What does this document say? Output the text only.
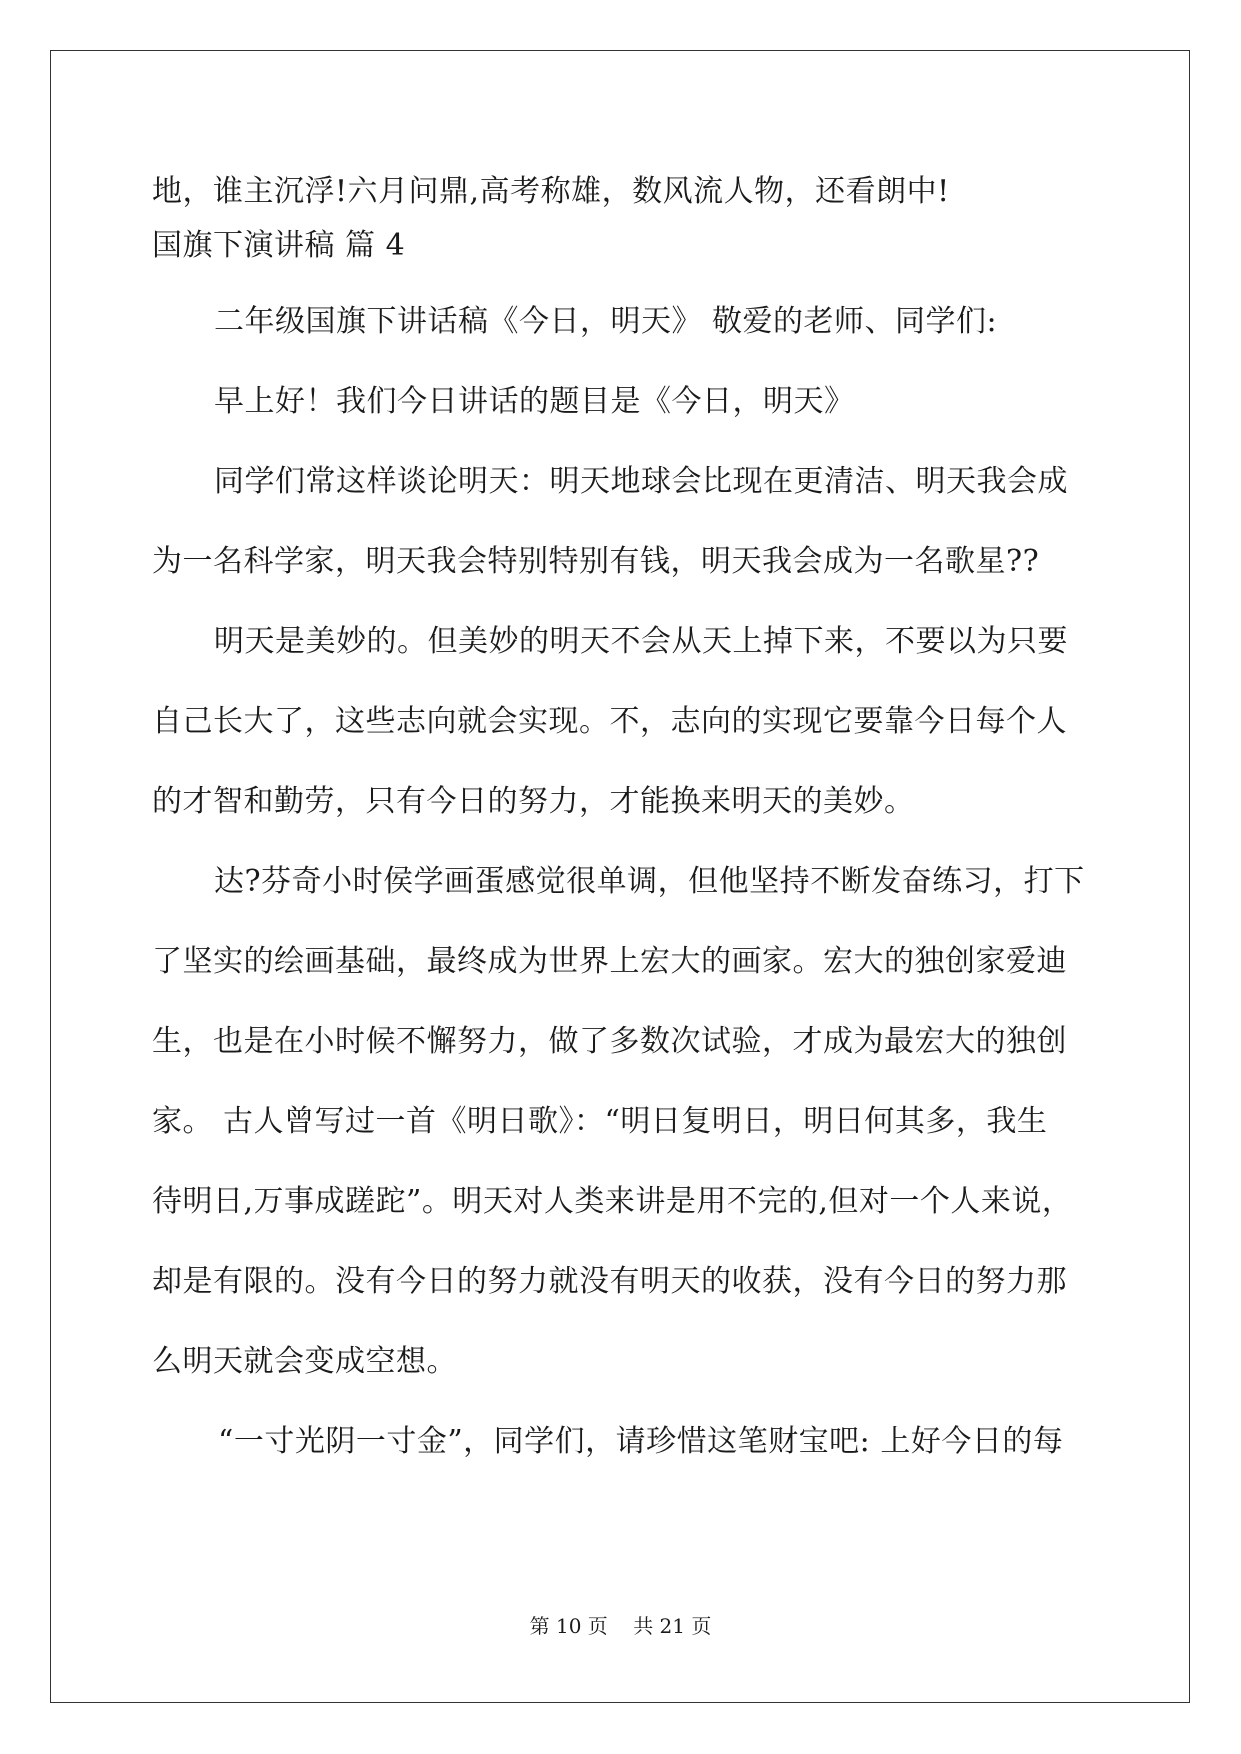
地，谁主沉浮!六月问鼎,高考称雄，数风流人物，还看朗中!
国旗下演讲稿 篇 4
二年级国旗下讲话稿《今日，明天》 敬爱的老师、同学们:
早上好！我们今日讲话的题目是《今日，明天》
同学们常这样谈论明天：明天地球会比现在更清洁、明天我会成
为一名科学家，明天我会特别特别有钱，明天我会成为一名歌星??
明天是美妙的。但美妙的明天不会从天上掉下来，不要以为只要
自己长大了，这些志向就会实现。不，志向的实现它要靠今日每个人
的才智和勤劳，只有今日的努力，才能换来明天的美妙。
达?芬奇小时侯学画蛋感觉很单调，但他坚持不断发奋练习，打下
了坚实的绘画基础，最终成为世界上宏大的画家。宏大的独创家爱迪
生，也是在小时候不懈努力，做了多数次试验，才成为最宏大的独创
家。 古人曾写过一首《明日歌》：“明日复明日，明日何其多，我生
待明日,万事成蹉跎”。明天对人类来讲是用不完的,但对一个人来说，
却是有限的。没有今日的努力就没有明天的收获，没有今日的努力那
么明天就会变成空想。
“一寸光阴一寸金”，同学们，请珍惜这笔财宝吧: 上好今日的每
第 10 页    共 21 页
